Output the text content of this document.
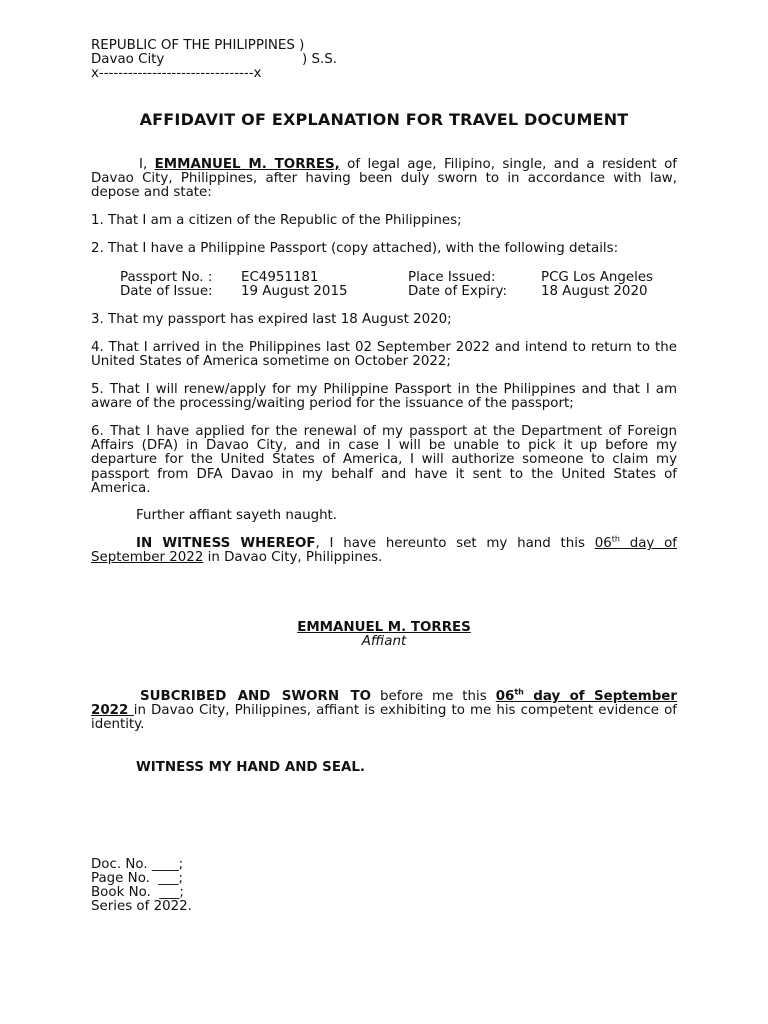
REPUBLIC OF THE PHILIPPINES )
Davao City	) S.S.
x--------------------------------x
AFFIDAVIT OF EXPLANATION FOR TRAVEL DOCUMENT
I, EMMANUEL M. TORRES, of legal age, Filipino, single, and a resident of Davao City, Philippines, after having been duly sworn to in accordance with law, depose and state:
1. That I am a citizen of the Republic of the Philippines;
2. That I have a Philippine Passport (copy attached), with the following details:
Passport No. : EC4951181	Place Issued:	PCG Los Angeles
Date of Issue: 19 August 2015	Date of Expiry:	18 August 2020
3. That my passport has expired last 18 August 2020;
4. That I arrived in the Philippines last 02 September 2022 and intend to return to the United States of America sometime on October 2022;
5. That I will renew/apply for my Philippine Passport in the Philippines and that I am aware of the processing/waiting period for the issuance of the passport;
6. That I have applied for the renewal of my passport at the Department of Foreign Affairs (DFA) in Davao City, and in case I will be unable to pick it up before my departure for the United States of America, I will authorize someone to claim my passport from DFA Davao in my behalf and have it sent to the United States of America.
Further affiant sayeth naught.
IN WITNESS WHEREOF, I have hereunto set my hand this 06th day of September 2022 in Davao City, Philippines.
EMMANUEL M. TORRES
Affiant
SUBCRIBED AND SWORN TO before me this 06th day of September 2022 in Davao City, Philippines, affiant is exhibiting to me his competent evidence of identity.
WITNESS MY HAND AND SEAL.
Doc. No. ____;
Page No.  ___;
Book No.  ___;
Series of 2022.
